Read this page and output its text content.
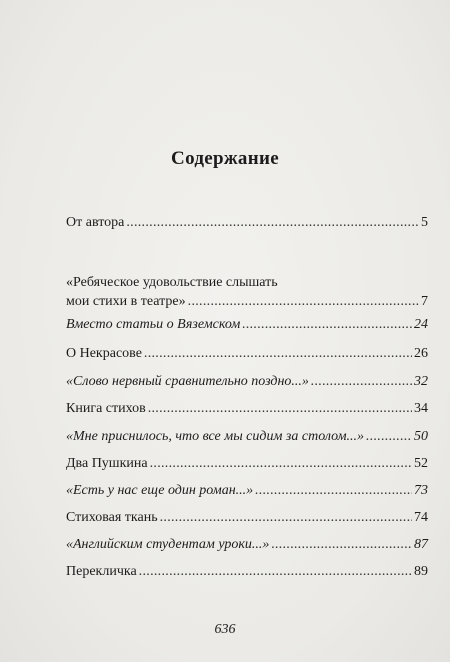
Содержание
От автора . . .	5
«Ребяческое удовольствие слышать
мои стихи в театре» . . .	7
Вместо статьи о Вяземском . . .	24
О Некрасове . . .	26
«Слово нервный сравнительно поздно...» . . .	32
Книга стихов . . .	34
«Мне приснилось, что все мы сидим за столом...» . . .	50
Два Пушкина . . .	52
«Есть у нас еще один роман...» . . .	73
Стиховая ткань . . .	74
«Английским студентам уроки...» . . .	87
Перекличка . . .	89
636
